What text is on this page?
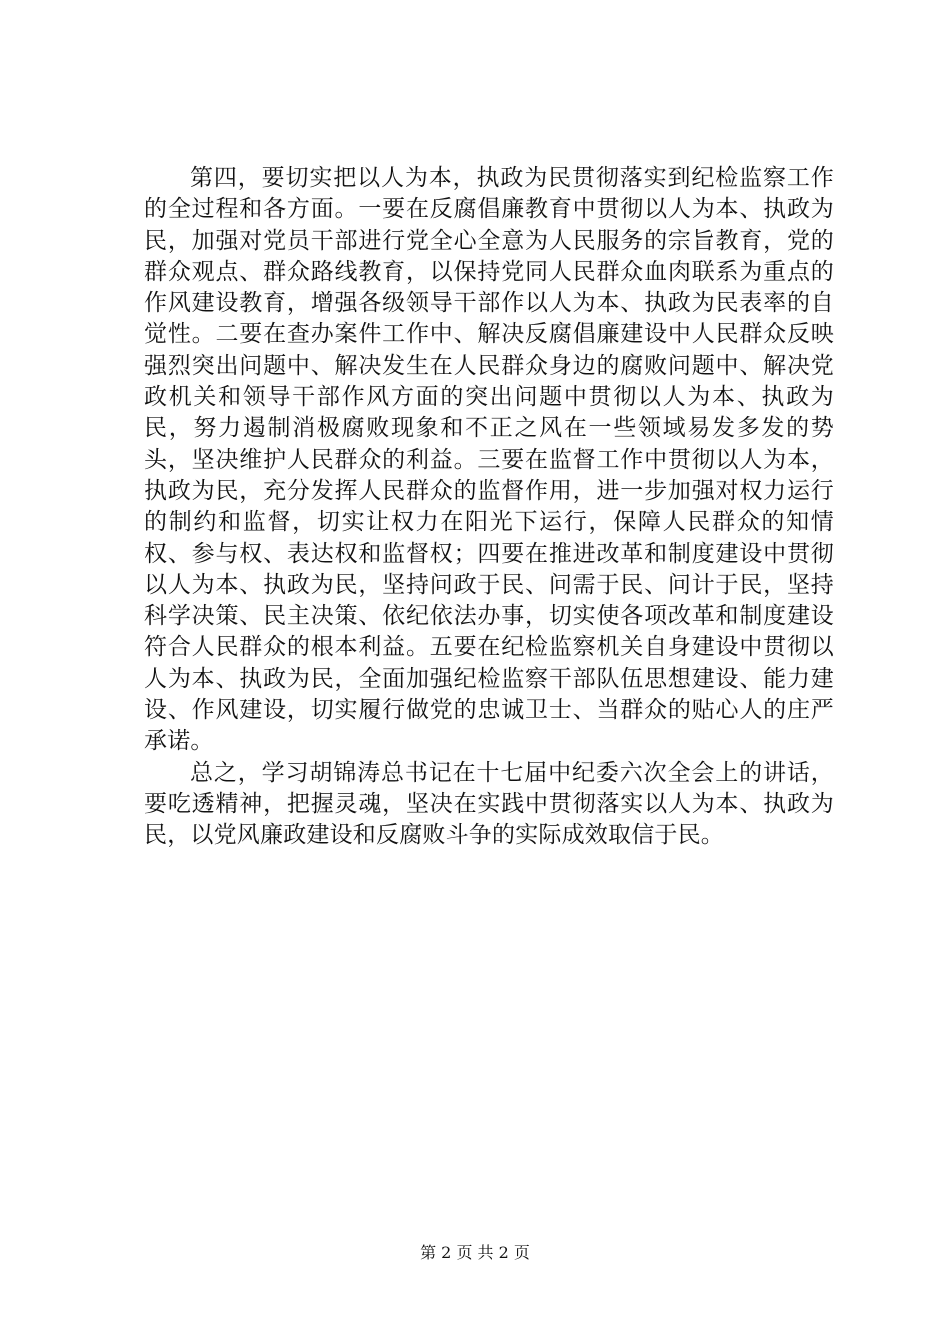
第四，要切实把以人为本，执政为民贯彻落实到纪检监察工作的全过程和各方面。一要在反腐倡廉教育中贯彻以人为本、执政为民，加强对党员干部进行党全心全意为人民服务的宗旨教育，党的群众观点、群众路线教育，以保持党同人民群众血肉联系为重点的作风建设教育，增强各级领导干部作以人为本、执政为民表率的自觉性。二要在查办案件工作中、解决反腐倡廉建设中人民群众反映强烈突出问题中、解决发生在人民群众身边的腐败问题中、解决党政机关和领导干部作风方面的突出问题中贯彻以人为本、执政为民，努力遏制消极腐败现象和不正之风在一些领域易发多发的势头，坚决维护人民群众的利益。三要在监督工作中贯彻以人为本，执政为民，充分发挥人民群众的监督作用，进一步加强对权力运行的制约和监督，切实让权力在阳光下运行，保障人民群众的知情权、参与权、表达权和监督权；四要在推进改革和制度建设中贯彻以人为本、执政为民，坚持问政于民、问需于民、问计于民，坚持科学决策、民主决策、依纪依法办事，切实使各项改革和制度建设符合人民群众的根本利益。五要在纪检监察机关自身建设中贯彻以人为本、执政为民，全面加强纪检监察干部队伍思想建设、能力建设、作风建设，切实履行做党的忠诚卫士、当群众的贴心人的庄严承诺。

总之，学习胡锦涛总书记在十七届中纪委六次全会上的讲话，要吃透精神，把握灵魂，坚决在实践中贯彻落实以人为本、执政为民，以党风廉政建设和反腐败斗争的实际成效取信于民。

第 2 页 共 2 页
